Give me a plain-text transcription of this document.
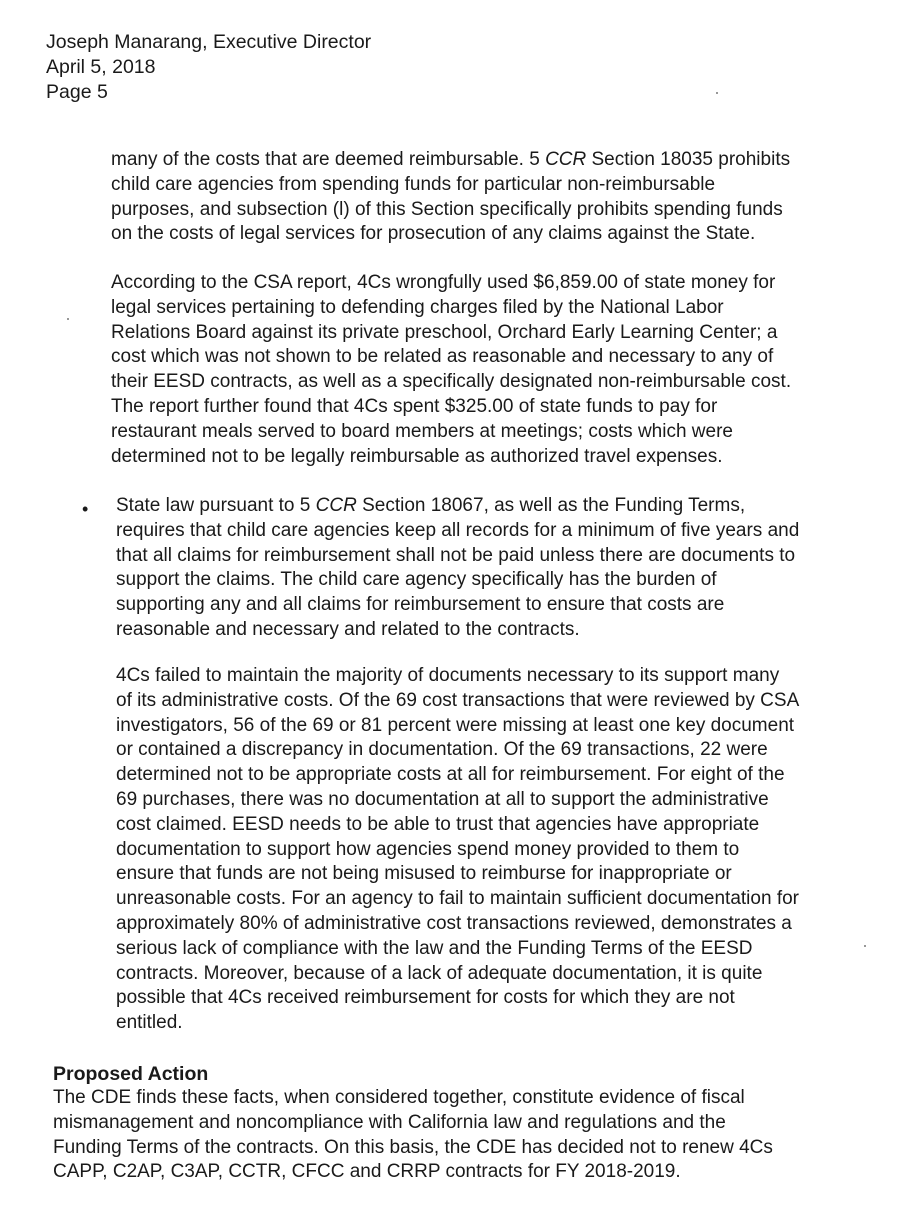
Joseph Manarang, Executive Director
April 5, 2018
Page 5
many of the costs that are deemed reimbursable. 5 CCR Section 18035 prohibits
child care agencies from spending funds for particular non-reimbursable
purposes, and subsection (l) of this Section specifically prohibits spending funds
on the costs of legal services for prosecution of any claims against the State.
According to the CSA report, 4Cs wrongfully used $6,859.00 of state money for
legal services pertaining to defending charges filed by the National Labor
Relations Board against its private preschool, Orchard Early Learning Center; a
cost which was not shown to be related as reasonable and necessary to any of
their EESD contracts, as well as a specifically designated non-reimbursable cost.
The report further found that 4Cs spent $325.00 of state funds to pay for
restaurant meals served to board members at meetings; costs which were
determined not to be legally reimbursable as authorized travel expenses.
• State law pursuant to 5 CCR Section 18067, as well as the Funding Terms,
requires that child care agencies keep all records for a minimum of five years and
that all claims for reimbursement shall not be paid unless there are documents to
support the claims. The child care agency specifically has the burden of
supporting any and all claims for reimbursement to ensure that costs are
reasonable and necessary and related to the contracts.
4Cs failed to maintain the majority of documents necessary to its support many
of its administrative costs. Of the 69 cost transactions that were reviewed by CSA
investigators, 56 of the 69 or 81 percent were missing at least one key document
or contained a discrepancy in documentation. Of the 69 transactions, 22 were
determined not to be appropriate costs at all for reimbursement. For eight of the
69 purchases, there was no documentation at all to support the administrative
cost claimed. EESD needs to be able to trust that agencies have appropriate
documentation to support how agencies spend money provided to them to
ensure that funds are not being misused to reimburse for inappropriate or
unreasonable costs. For an agency to fail to maintain sufficient documentation for
approximately 80% of administrative cost transactions reviewed, demonstrates a
serious lack of compliance with the law and the Funding Terms of the EESD
contracts. Moreover, because of a lack of adequate documentation, it is quite
possible that 4Cs received reimbursement for costs for which they are not
entitled.
Proposed Action
The CDE finds these facts, when considered together, constitute evidence of fiscal
mismanagement and noncompliance with California law and regulations and the
Funding Terms of the contracts. On this basis, the CDE has decided not to renew 4Cs
CAPP, C2AP, C3AP, CCTR, CFCC and CRRP contracts for FY 2018-2019.
